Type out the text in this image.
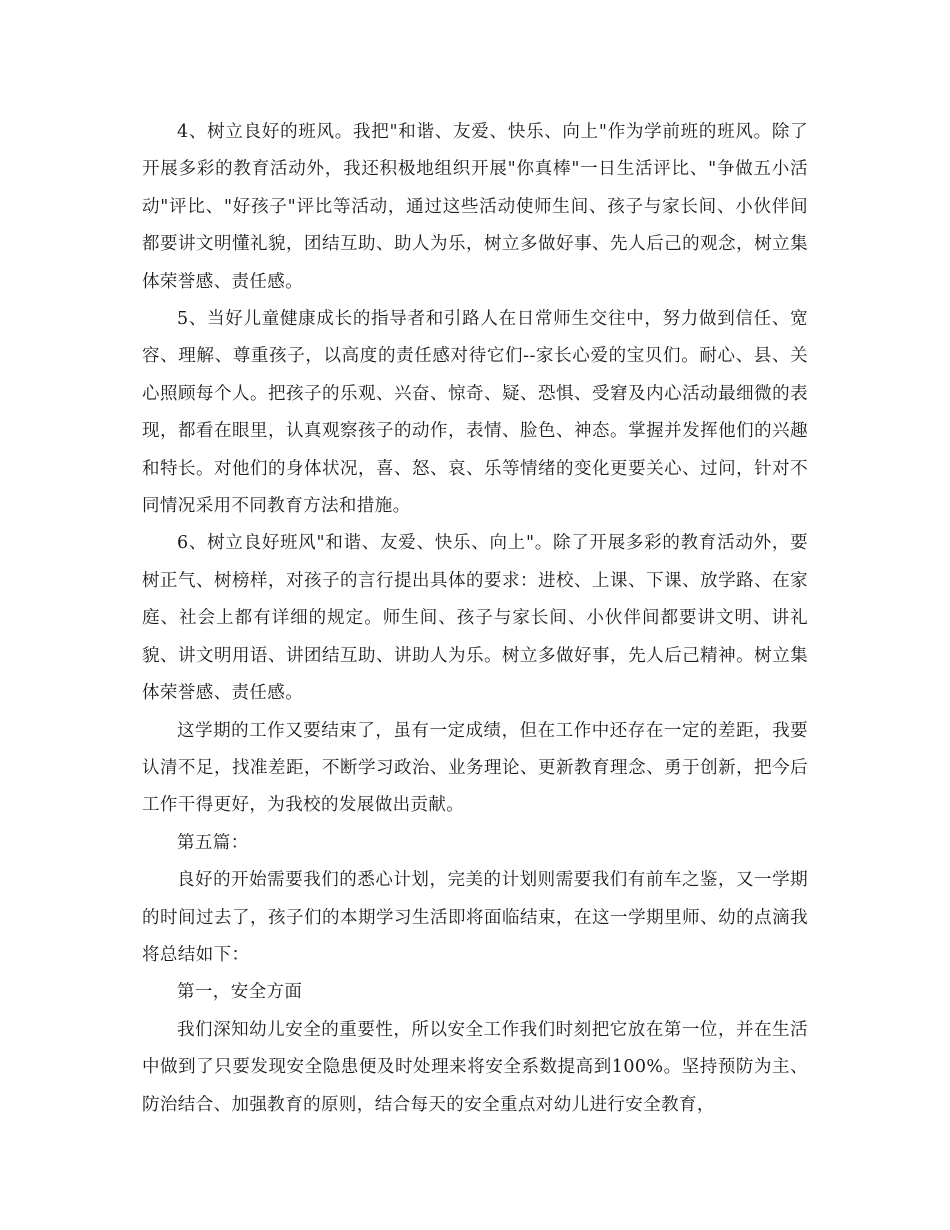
4、树立良好的班风。我把"和谐、友爱、快乐、向上"作为学前班的班风。除了开展多彩的教育活动外，我还积极地组织开展"你真棒"一日生活评比、"争做五小活动"评比、"好孩子"评比等活动，通过这些活动使师生间、孩子与家长间、小伙伴间都要讲文明懂礼貌，团结互助、助人为乐，树立多做好事、先人后己的观念，树立集体荣誉感、责任感。

5、当好儿童健康成长的指导者和引路人在日常师生交往中，努力做到信任、宽容、理解、尊重孩子，以高度的责任感对待它们--家长心爱的宝贝们。耐心、县、关心照顾每个人。把孩子的乐观、兴奋、惊奇、疑、恐惧、受窘及内心活动最细微的表现，都看在眼里，认真观察孩子的动作，表情、脸色、神态。掌握并发挥他们的兴趣和特长。对他们的身体状况，喜、怒、哀、乐等情绪的变化更要关心、过问，针对不同情况采用不同教育方法和措施。

6、树立良好班风"和谐、友爱、快乐、向上"。除了开展多彩的教育活动外，要树正气、树榜样，对孩子的言行提出具体的要求：进校、上课、下课、放学路、在家庭、社会上都有详细的规定。师生间、孩子与家长间、小伙伴间都要讲文明、讲礼貌、讲文明用语、讲团结互助、讲助人为乐。树立多做好事，先人后己精神。树立集体荣誉感、责任感。

这学期的工作又要结束了，虽有一定成绩，但在工作中还存在一定的差距，我要认清不足，找准差距，不断学习政治、业务理论、更新教育理念、勇于创新，把今后工作干得更好，为我校的发展做出贡献。

第五篇：

良好的开始需要我们的悉心计划，完美的计划则需要我们有前车之鉴，又一学期的时间过去了，孩子们的本期学习生活即将面临结束，在这一学期里师、幼的点滴我将总结如下：

第一，安全方面

我们深知幼儿安全的重要性，所以安全工作我们时刻把它放在第一位，并在生活中做到了只要发现安全隐患便及时处理来将安全系数提高到100%。坚持预防为主、防治结合、加强教育的原则，结合每天的安全重点对幼儿进行安全教育，
